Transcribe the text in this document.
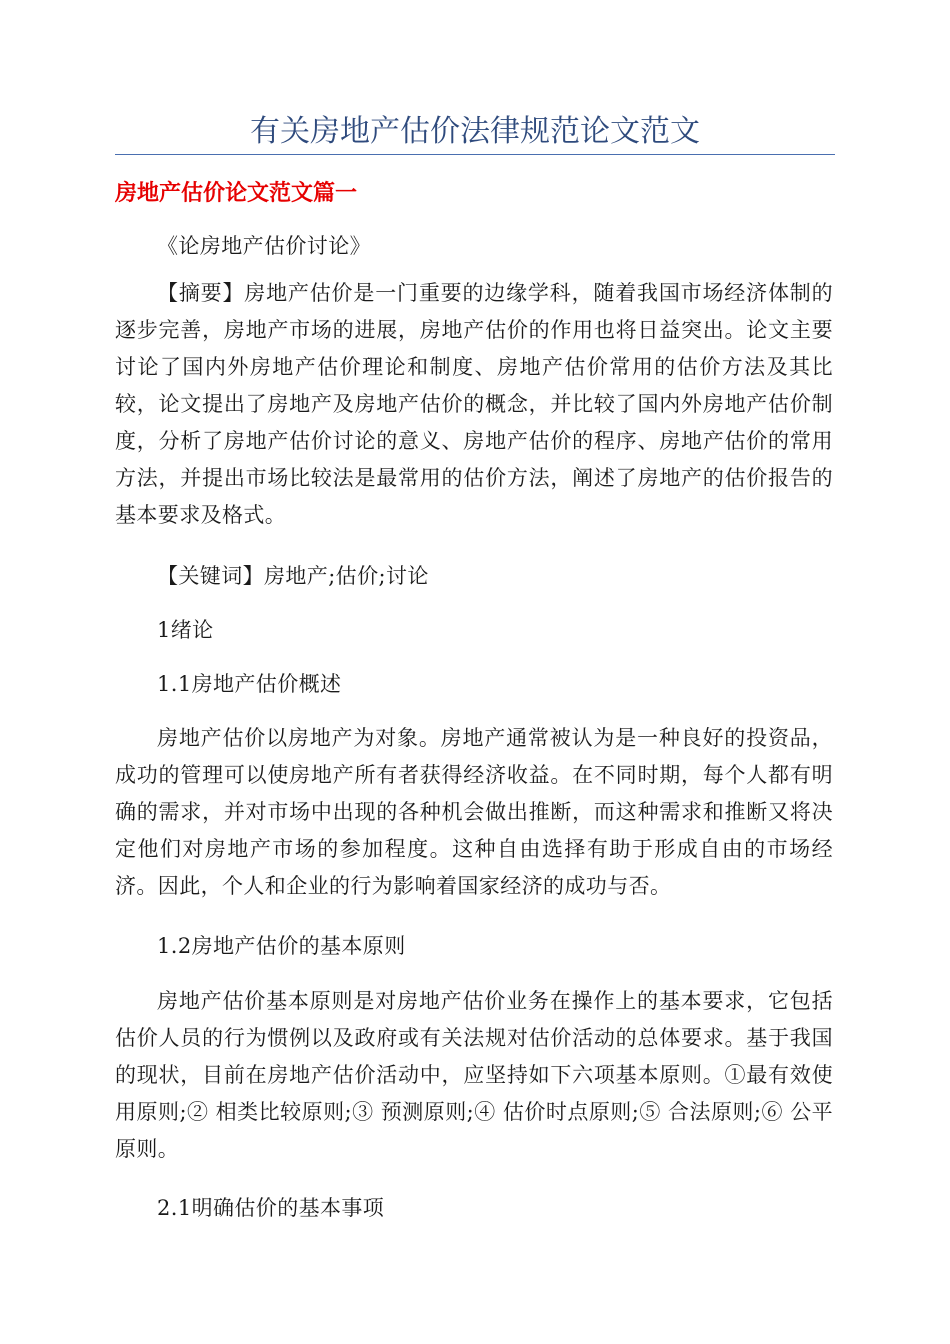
有关房地产估价法律规范论文范文
房地产估价论文范文篇一

《论房地产估价讨论》

【摘要】房地产估价是一门重要的边缘学科，随着我国市场经济体制的逐步完善，房地产市场的进展，房地产估价的作用也将日益突出。论文主要讨论了国内外房地产估价理论和制度、房地产估价常用的估价方法及其比较，论文提出了房地产及房地产估价的概念，并比较了国内外房地产估价制度，分析了房地产估价讨论的意义、房地产估价的程序、房地产估价的常用方法，并提出市场比较法是最常用的估价方法，阐述了房地产的估价报告的基本要求及格式。

【关键词】房地产;估价;讨论

1绪论

1.1房地产估价概述

房地产估价以房地产为对象。房地产通常被认为是一种良好的投资品，成功的管理可以使房地产所有者获得经济收益。在不同时期，每个人都有明确的需求，并对市场中出现的各种机会做出推断，而这种需求和推断又将决定他们对房地产市场的参加程度。这种自由选择有助于形成自由的市场经济。因此，个人和企业的行为影响着国家经济的成功与否。

1.2房地产估价的基本原则

房地产估价基本原则是对房地产估价业务在操作上的基本要求，它包括估价人员的行为惯例以及政府或有关法规对估价活动的总体要求。基于我国的现状，目前在房地产估价活动中，应坚持如下六项基本原则。①最有效使用原则;② 相类比较原则;③ 预测原则;④ 估价时点原则;⑤ 合法原则;⑥ 公平原则。

2.1明确估价的基本事项
